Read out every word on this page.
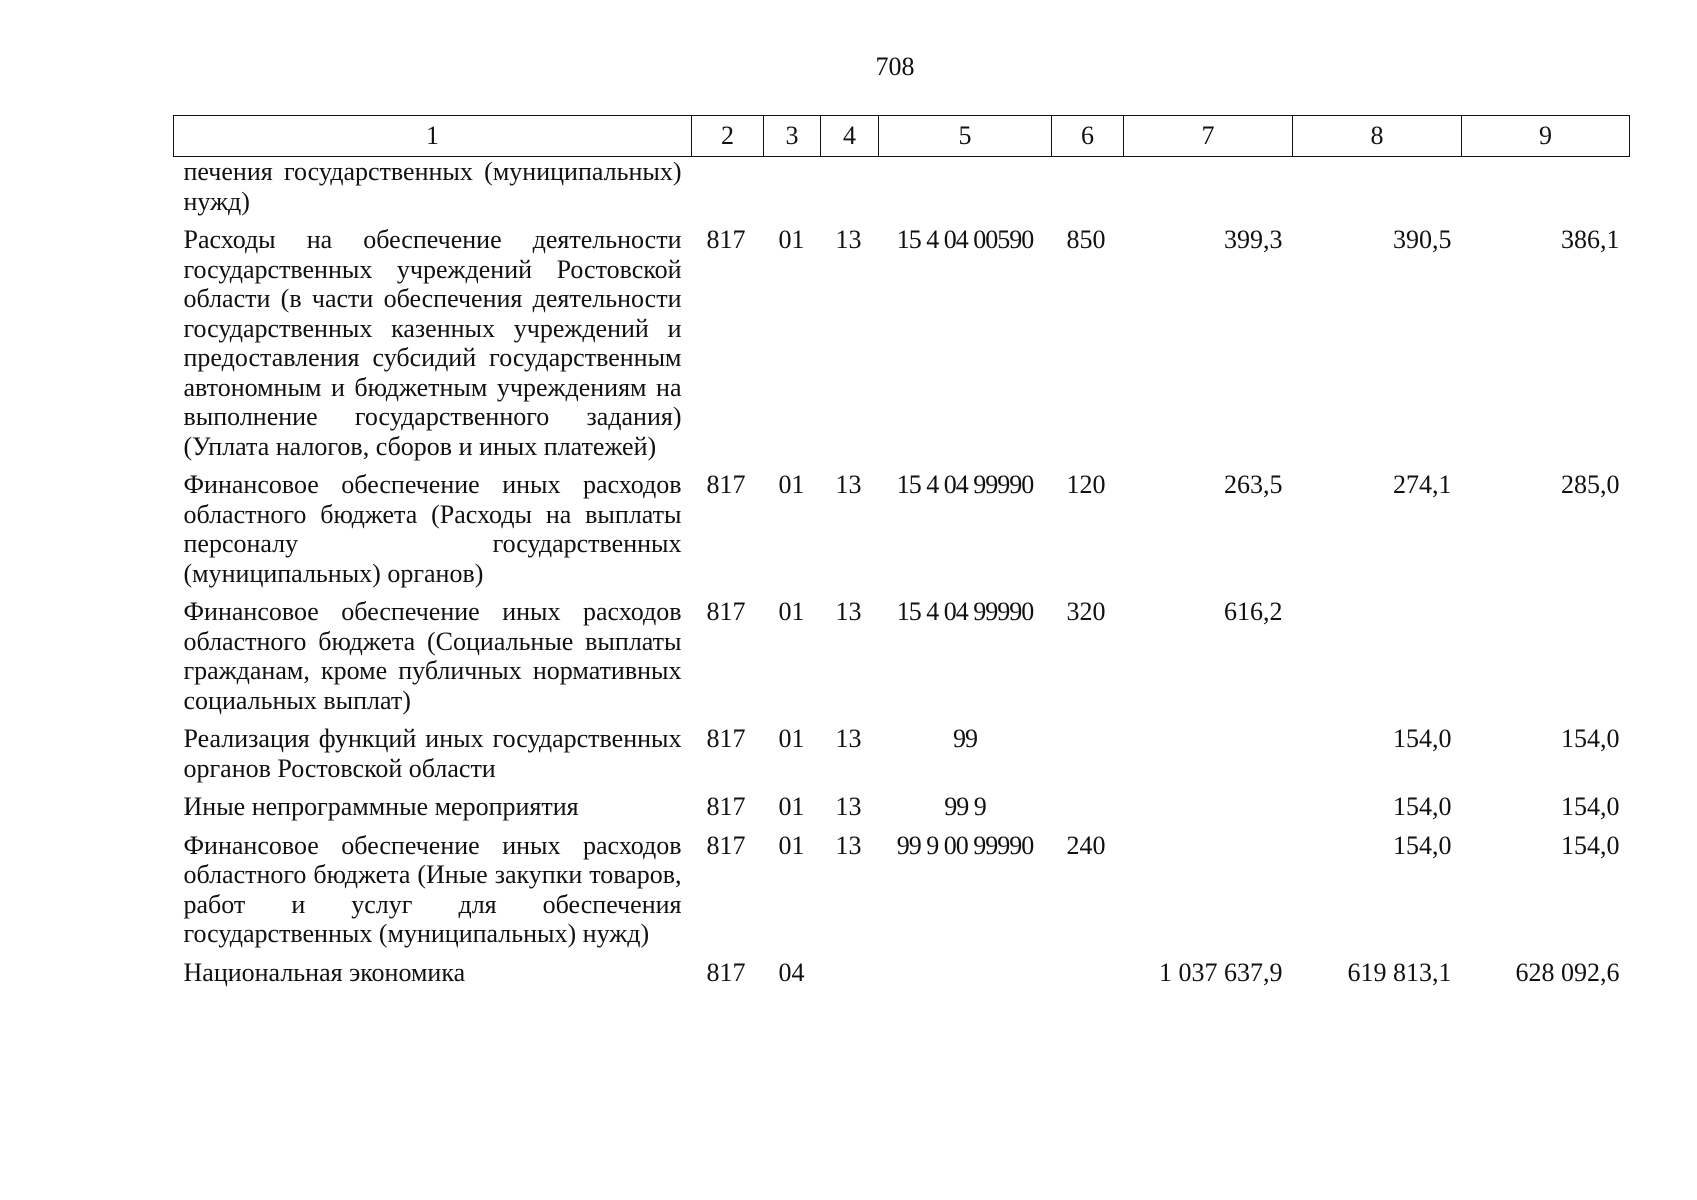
708
1	2	3	4	5	6	7	8	9
печения государственных (муниципальных) нужд)								
Расходы на обеспечение деятельности государственных учреждений Ростовской области (в части обеспечения деятельности государственных казенных учреждений и предоставления субсидий государственным автономным и бюджетным учреждениям на выполнение государственного задания) (Уплата налогов, сборов и иных платежей)	817	01	13	15 4 04 00590	850	399,3	390,5	386,1
Финансовое обеспечение иных расходов областного бюджета (Расходы на выплаты персоналу государственных (муниципальных) органов)	817	01	13	15 4 04 99990	120	263,5	274,1	285,0
Финансовое обеспечение иных расходов областного бюджета (Социальные выплаты гражданам, кроме публичных нормативных социальных выплат)	817	01	13	15 4 04 99990	320	616,2		
Реализация функций иных государственных органов Ростовской области	817	01	13	99			154,0	154,0
Иные непрограммные мероприятия	817	01	13	99 9			154,0	154,0
Финансовое обеспечение иных расходов областного бюджета (Иные закупки товаров, работ и услуг для обеспечения государственных (муниципальных) нужд)	817	01	13	99 9 00 99990	240		154,0	154,0
Национальная экономика	817	04				1 037 637,9	619 813,1	628 092,6
